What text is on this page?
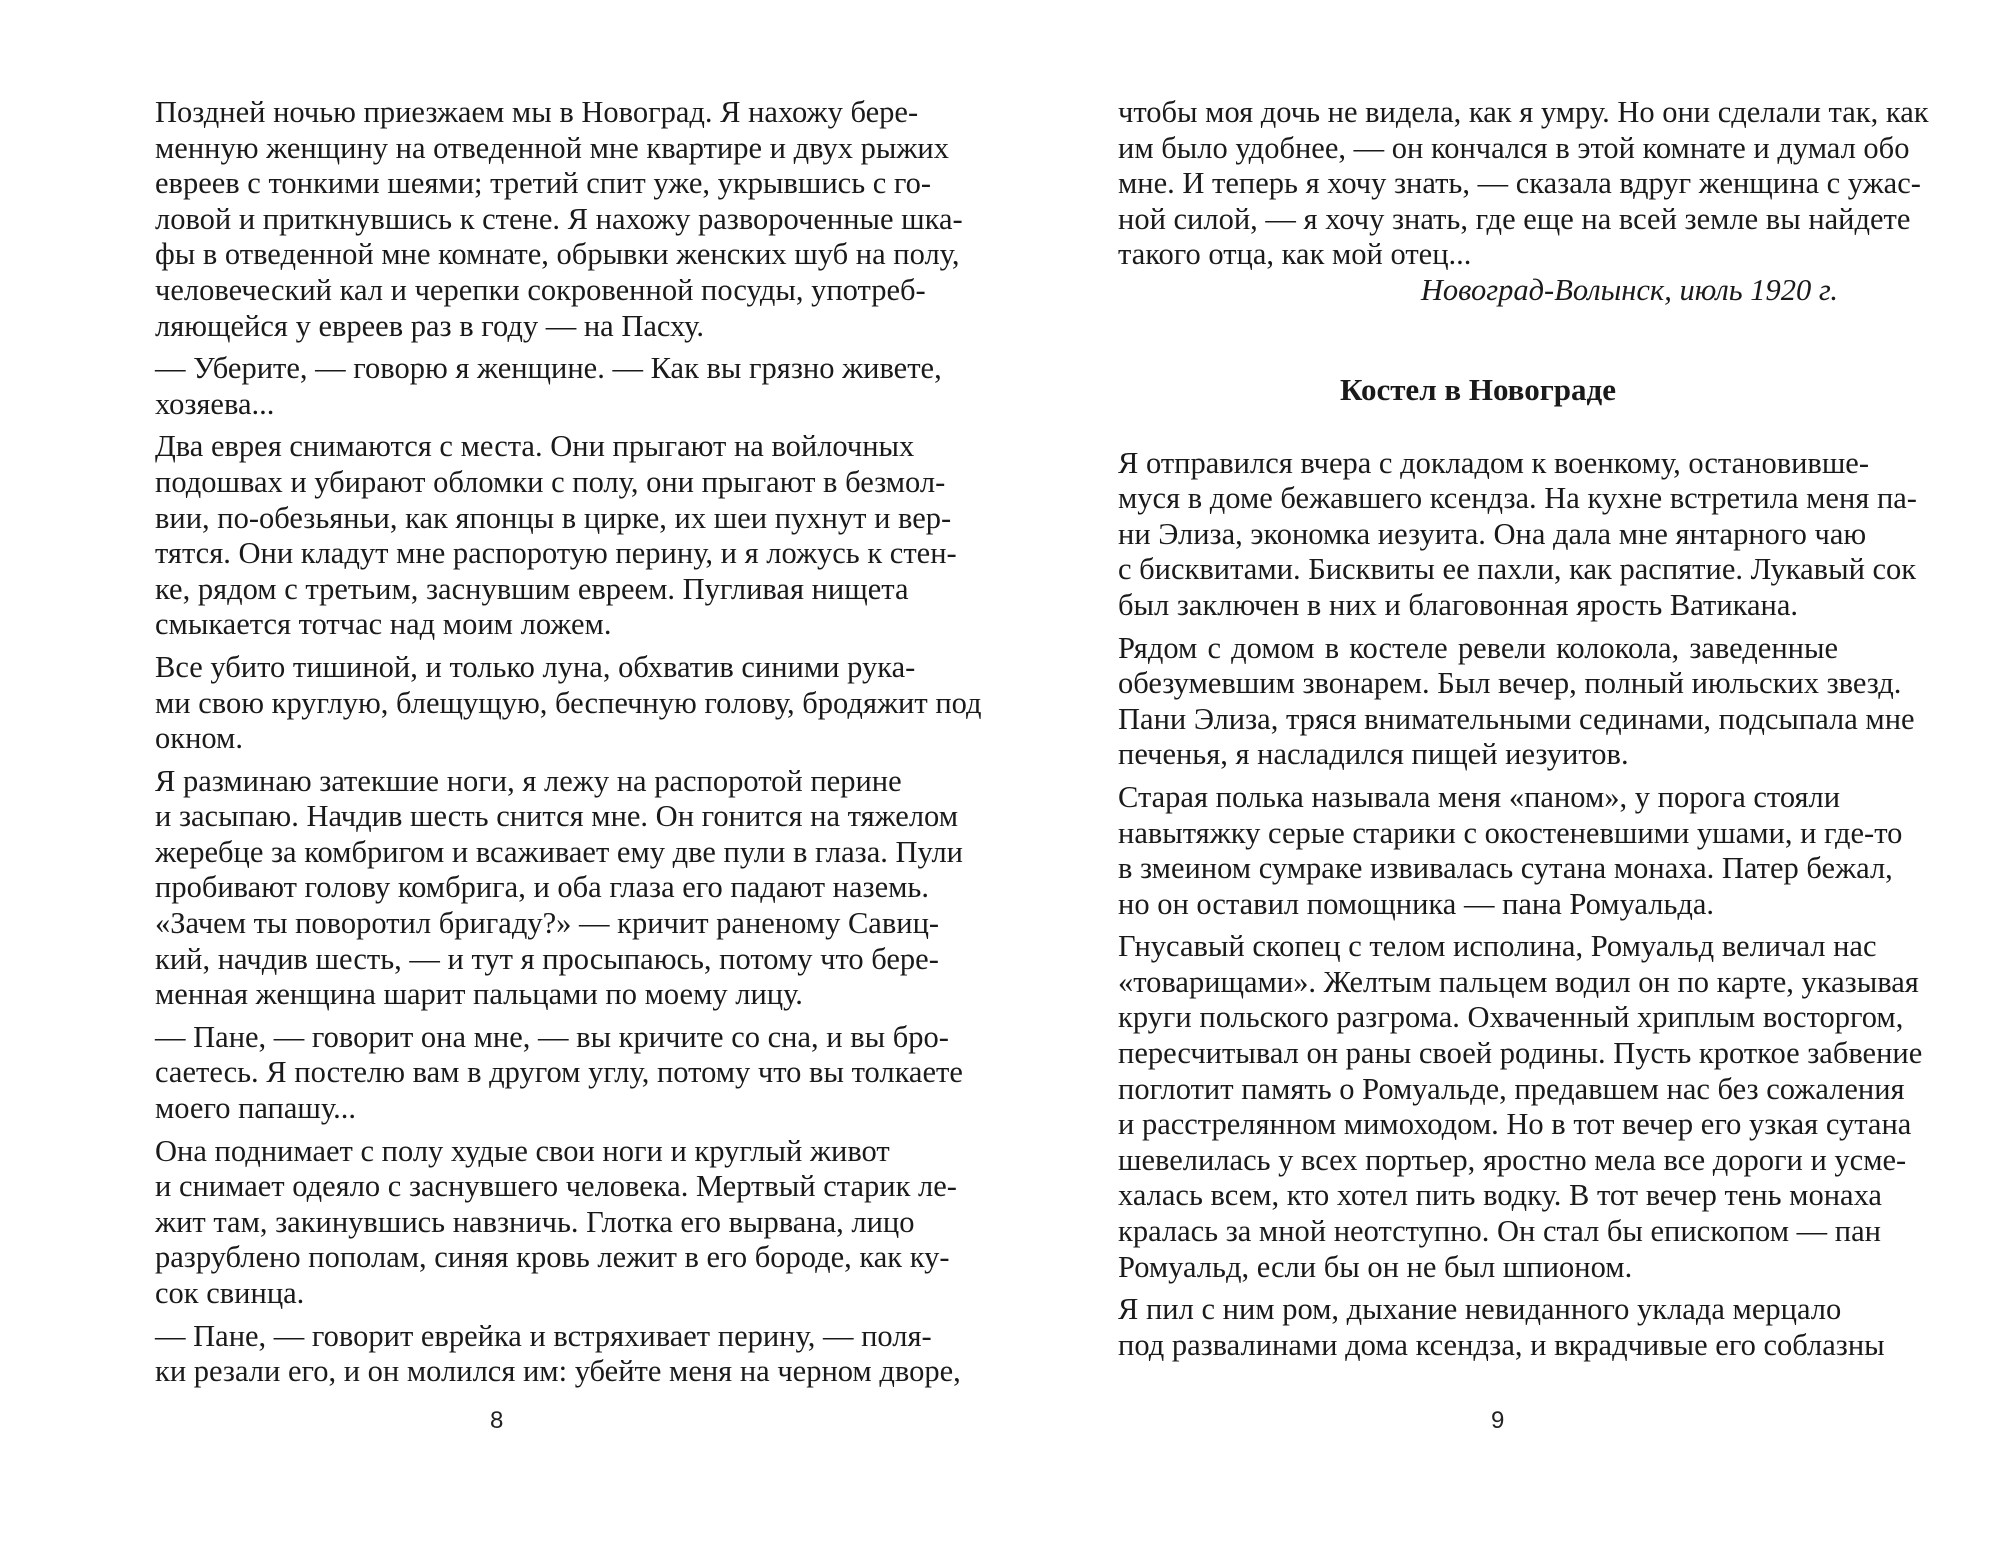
Поздней ночью приезжаем мы в Новоград. Я нахожу бере-
менную женщину на отведенной мне квартире и двух рыжих
евреев с тонкими шеями; третий спит уже, укрывшись с го-
ловой и приткнувшись к стене. Я нахожу развороченные шка-
фы в отведенной мне комнате, обрывки женских шуб на полу,
человеческий кал и черепки сокровенной посуды, употреб-
ляющейся у евреев раз в году — на Пасху.
— Уберите, — говорю я женщине. — Как вы грязно живете,
хозяева...
Два еврея снимаются с места. Они прыгают на войлочных
подошвах и убирают обломки с полу, они прыгают в безмол-
вии, по-обезьяньи, как японцы в цирке, их шеи пухнут и вер-
тятся. Они кладут мне распоротую перину, и я ложусь к стен-
ке, рядом с третьим, заснувшим евреем. Пугливая нищета
смыкается тотчас над моим ложем.
Все убито тишиной, и только луна, обхватив синими рука-
ми свою круглую, блещущую, беспечную голову, бродяжит под
окном.
Я разминаю затекшие ноги, я лежу на распоротой перине
и засыпаю. Начдив шесть снится мне. Он гонится на тяжелом
жеребце за комбригом и всаживает ему две пули в глаза. Пули
пробивают голову комбрига, и оба глаза его падают наземь.
«Зачем ты поворотил бригаду?» — кричит раненому Савиц-
кий, начдив шесть, — и тут я просыпаюсь, потому что бере-
менная женщина шарит пальцами по моему лицу.
— Пане, — говорит она мне, — вы кричите со сна, и вы бро-
саетесь. Я постелю вам в другом углу, потому что вы толкаете
моего папашу...
Она поднимает с полу худые свои ноги и круглый живот
и снимает одеяло с заснувшего человека. Мертвый старик ле-
жит там, закинувшись навзничь. Глотка его вырвана, лицо
разрублено пополам, синяя кровь лежит в его бороде, как ку-
сок свинца.
— Пане, — говорит еврейка и встряхивает перину, — поля-
ки резали его, и он молился им: убейте меня на черном дворе,
8
чтобы моя дочь не видела, как я умру. Но они сделали так, как
им было удобнее, — он кончался в этой комнате и думал обо
мне. И теперь я хочу знать, — сказала вдруг женщина с ужас-
ной силой, — я хочу знать, где еще на всей земле вы найдете
такого отца, как мой отец...
Новоград-Волынск, июль 1920 г.
Костел в Новограде
Я отправился вчера с докладом к военкому, остановивше-
муся в доме бежавшего ксендза. На кухне встретила меня па-
ни Элиза, экономка иезуита. Она дала мне янтарного чаю
с бисквитами. Бисквиты ее пахли, как распятие. Лукавый сок
был заключен в них и благовонная ярость Ватикана.
Рядом с домом в костеле ревели колокола, заведенные
обезумевшим звонарем. Был вечер, полный июльских звезд.
Пани Элиза, тряся внимательными сединами, подсыпала мне
печенья, я насладился пищей иезуитов.
Старая полька называла меня «паном», у порога стояли
навытяжку серые старики с окостеневшими ушами, и где-то
в змеином сумраке извивалась сутана монаха. Патер бежал,
но он оставил помощника — пана Ромуальда.
Гнусавый скопец с телом исполина, Ромуальд величал нас
«товарищами». Желтым пальцем водил он по карте, указывая
круги польского разгрома. Охваченный хриплым восторгом,
пересчитывал он раны своей родины. Пусть кроткое забвение
поглотит память о Ромуальде, предавшем нас без сожаления
и расстрелянном мимоходом. Но в тот вечер его узкая сутана
шевелилась у всех портьер, яростно мела все дороги и усме-
халась всем, кто хотел пить водку. В тот вечер тень монаха
кралась за мной неотступно. Он стал бы епископом — пан
Ромуальд, если бы он не был шпионом.
Я пил с ним ром, дыхание невиданного уклада мерцало
под развалинами дома ксендза, и вкрадчивые его соблазны
9
